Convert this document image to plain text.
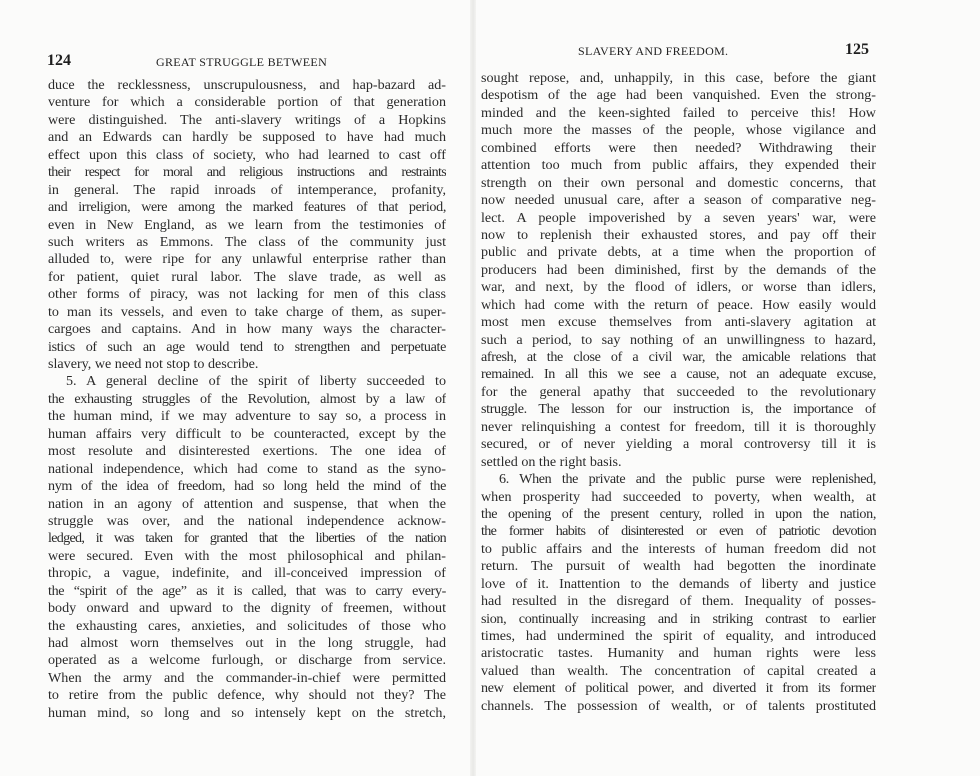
124	GREAT STRUGGLE BETWEEN
duce the recklessness, unscrupulousness, and hap-bazard ad-
venture for which a considerable portion of that generation
were distinguished. The anti-slavery writings of a Hopkins
and an Edwards can hardly be supposed to have had much
effect upon this class of society, who had learned to cast off
their respect for moral and religious instructions and restraints
in general. The rapid inroads of intemperance, profanity,
and irreligion, were among the marked features of that period,
even in New England, as we learn from the testimonies of
such writers as Emmons. The class of the community just
alluded to, were ripe for any unlawful enterprise rather than
for patient, quiet rural labor. The slave trade, as well as
other forms of piracy, was not lacking for men of this class
to man its vessels, and even to take charge of them, as super-
cargoes and captains. And in how many ways the character-
istics of such an age would tend to strengthen and perpetuate
slavery, we need not stop to describe.
5. A general decline of the spirit of liberty succeeded to
the exhausting struggles of the Revolution, almost by a law of
the human mind, if we may adventure to say so, a process in
human affairs very difficult to be counteracted, except by the
most resolute and disinterested exertions. The one idea of
national independence, which had come to stand as the syno-
nym of the idea of freedom, had so long held the mind of the
nation in an agony of attention and suspense, that when the
struggle was over, and the national independence acknow-
ledged, it was taken for granted that the liberties of the nation
were secured. Even with the most philosophical and philan-
thropic, a vague, indefinite, and ill-conceived impression of
the “spirit of the age” as it is called, that was to carry every-
body onward and upward to the dignity of freemen, without
the exhausting cares, anxieties, and solicitudes of those who
had almost worn themselves out in the long struggle, had
operated as a welcome furlough, or discharge from service.
When the army and the commander-in-chief were permitted
to retire from the public defence, why should not they? The
human mind, so long and so intensely kept on the stretch,
SLAVERY AND FREEDOM.	125
sought repose, and, unhappily, in this case, before the giant
despotism of the age had been vanquished. Even the strong-
minded and the keen-sighted failed to perceive this! How
much more the masses of the people, whose vigilance and
combined efforts were then needed? Withdrawing their
attention too much from public affairs, they expended their
strength on their own personal and domestic concerns, that
now needed unusual care, after a season of comparative neg-
lect. A people impoverished by a seven years' war, were
now to replenish their exhausted stores, and pay off their
public and private debts, at a time when the proportion of
producers had been diminished, first by the demands of the
war, and next, by the flood of idlers, or worse than idlers,
which had come with the return of peace. How easily would
most men excuse themselves from anti-slavery agitation at
such a period, to say nothing of an unwillingness to hazard,
afresh, at the close of a civil war, the amicable relations that
remained. In all this we see a cause, not an adequate excuse,
for the general apathy that succeeded to the revolutionary
struggle. The lesson for our instruction is, the importance of
never relinquishing a contest for freedom, till it is thoroughly
secured, or of never yielding a moral controversy till it is
settled on the right basis.
6. When the private and the public purse were replenished,
when prosperity had succeeded to poverty, when wealth, at
the opening of the present century, rolled in upon the nation,
the former habits of disinterested or even of patriotic devotion
to public affairs and the interests of human freedom did not
return. The pursuit of wealth had begotten the inordinate
love of it. Inattention to the demands of liberty and justice
had resulted in the disregard of them. Inequality of posses-
sion, continually increasing and in striking contrast to earlier
times, had undermined the spirit of equality, and introduced
aristocratic tastes. Humanity and human rights were less
valued than wealth. The concentration of capital created a
new element of political power, and diverted it from its former
channels. The possession of wealth, or of talents prostituted
